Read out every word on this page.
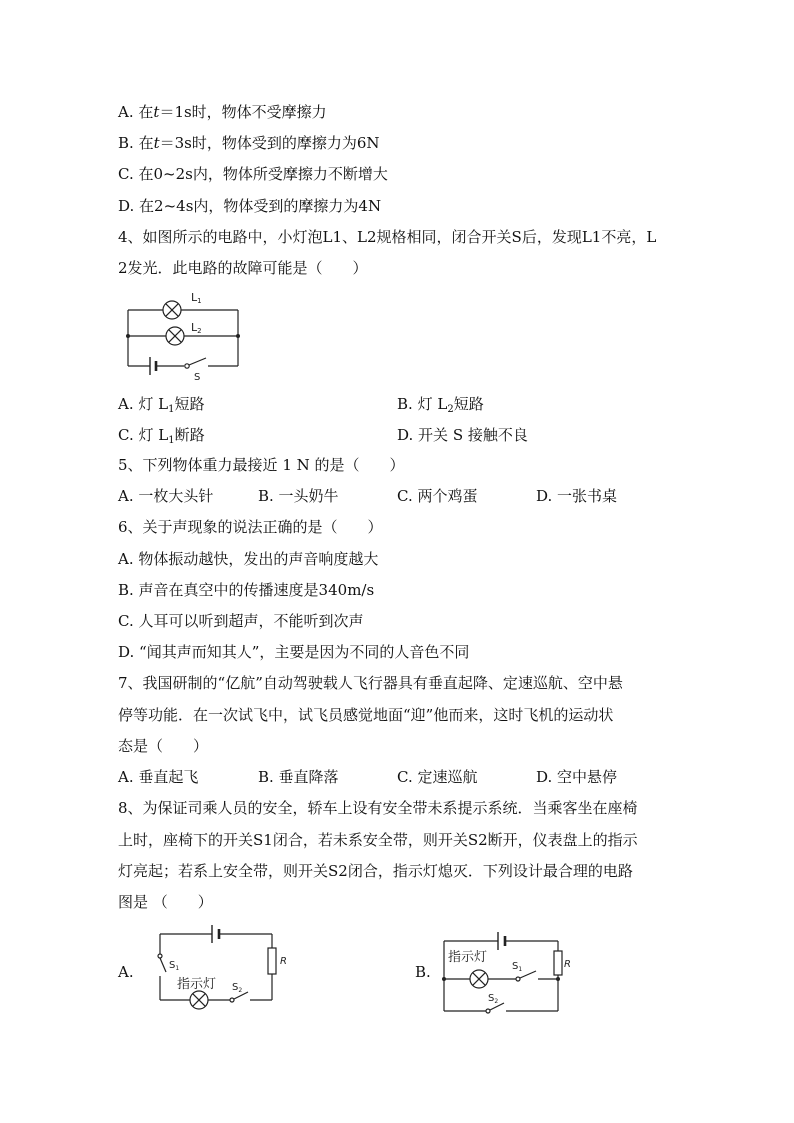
A. 在t＝1s时，物体不受摩擦力
B. 在t＝3s时，物体受到的摩擦力为6N
C. 在0~2s内，物体所受摩擦力不断增大
D. 在2~4s内，物体受到的摩擦力为4N
4、如图所示的电路中，小灯泡L1、L2规格相同，闭合开关S后，发现L1不亮，L
2发光．此电路的故障可能是（　　）
L1
L2
S
A. 灯 $L_1$短路	B. 灯 $L_2$短路
C. 灯 $L_1$断路	D. 开关 S 接触不良
5、下列物体重力最接近 1 N 的是（　　）
A. 一枚大头针	B. 一头奶牛	C. 两个鸡蛋	D. 一张书桌
6、关于声现象的说法正确的是（　　）
A. 物体振动越快，发出的声音响度越大
B. 声音在真空中的传播速度是340m/s
C. 人耳可以听到超声，不能听到次声
D. “闻其声而知其人”，主要是因为不同的人音色不同
7、我国研制的“亿航”自动驾驶载人飞行器具有垂直起降、定速巡航、空中悬
停等功能．在一次试飞中，试飞员感觉地面“迎”他而来，这时飞机的运动状
态是（　　）
A. 垂直起飞	B. 垂直降落	C. 定速巡航	D. 空中悬停
8、为保证司乘人员的安全，轿车上设有安全带未系提示系统．当乘客坐在座椅
上时，座椅下的开关S1闭合，若未系安全带，则开关S2断开，仪表盘上的指示
灯亮起；若系上安全带，则开关S2闭合，指示灯熄灭．下列设计最合理的电路
图是 （　　）
A.	$S_1$
指示灯 $S_2$
R
B.
指示灯
$S_1$
$S_2$
R
